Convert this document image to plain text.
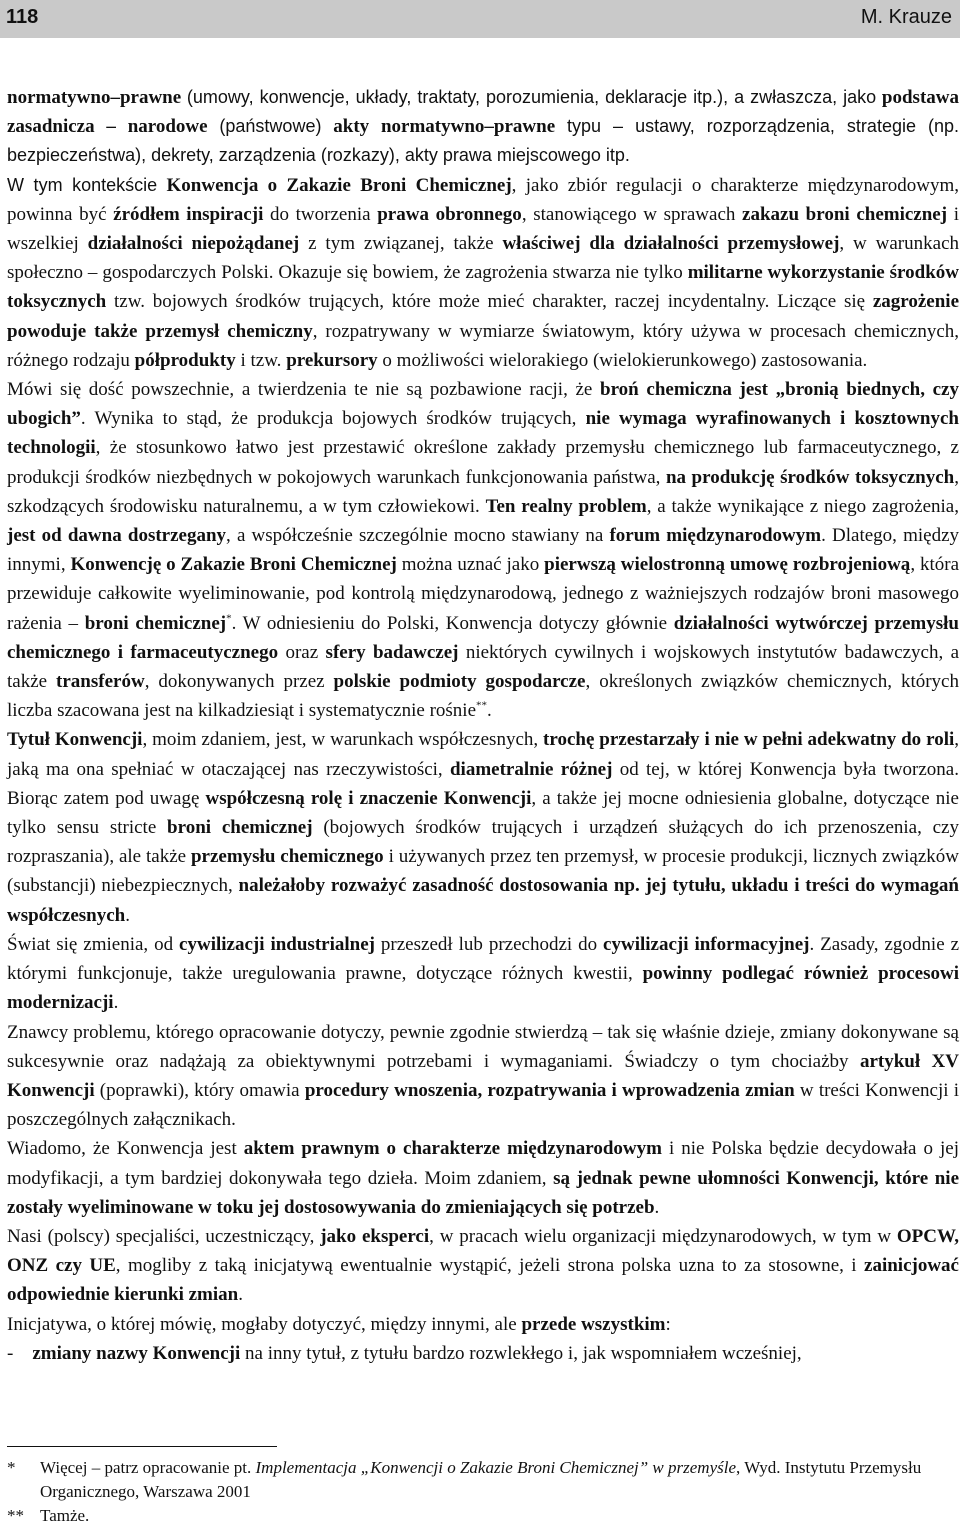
118	M. Krauze

normatywno–prawne (umowy, konwencje, układy, traktaty, porozumienia, deklaracje itp.), a zwłaszcza, jako podstawa zasadnicza – narodowe (państwowe) akty normatywno–prawne typu – ustawy, rozporządzenia, strategie (np. bezpieczeństwa), dekrety, zarządzenia (rozkazy), akty prawa miejscowego itp.

W tym kontekście Konwencja o Zakazie Broni Chemicznej, jako zbiór regulacji o charakterze międzynarodowym, powinna być źródłem inspiracji do tworzenia prawa obronnego, stanowiącego w sprawach zakazu broni chemicznej i wszelkiej działalności niepożądanej z tym związanej, także właściwej dla działalności przemysłowej, w warunkach społeczno – gospodarczych Polski. Okazuje się bowiem, że zagrożenia stwarza nie tylko militarne wykorzystanie środków toksycznych tzw. bojowych środków trujących, które może mieć charakter, raczej incydentalny. Liczące się zagrożenie powoduje także przemysł chemiczny, rozpatrywany w wymiarze światowym, który używa w procesach chemicznych, różnego rodzaju półprodukty i tzw. prekursory o możliwości wielorakiego (wielokierunkowego) zastosowania.

Mówi się dość powszechnie, a twierdzenia te nie są pozbawione racji, że broń chemiczna jest „bronią biednych, czy ubogich”. Wynika to stąd, że produkcja bojowych środków trujących, nie wymaga wyrafinowanych i kosztownych technologii, że stosunkowo łatwo jest przestawić określone zakłady przemysłu chemicznego lub farmaceutycznego, z produkcji środków niezbędnych w pokojowych warunkach funkcjonowania państwa, na produkcję środków toksycznych, szkodzących środowisku naturalnemu, a w tym człowiekowi. Ten realny problem, a także wynikające z niego zagrożenia, jest od dawna dostrzegany, a współcześnie szczególnie mocno stawiany na forum międzynarodowym. Dlatego, między innymi, Konwencję o Zakazie Broni Chemicznej można uznać jako pierwszą wielostronną umowę rozbrojeniową, która przewiduje całkowite wyeliminowanie, pod kontrolą międzynarodową, jednego z ważniejszych rodzajów broni masowego rażenia – broni chemicznej*. W odniesieniu do Polski, Konwencja dotyczy głównie działalności wytwórczej przemysłu chemicznego i farmaceutycznego oraz sfery badawczej niektórych cywilnych i wojskowych instytutów badawczych, a także transferów, dokonywanych przez polskie podmioty gospodarcze, określonych związków chemicznych, których liczba szacowana jest na kilkadziesiąt i systematycznie rośnie**.

Tytuł Konwencji, moim zdaniem, jest, w warunkach współczesnych, trochę przestarzały i nie w pełni adekwatny do roli, jaką ma ona spełniać w otaczającej nas rzeczywistości, diametralnie różnej od tej, w której Konwencja była tworzona. Biorąc zatem pod uwagę współczesną rolę i znaczenie Konwencji, a także jej mocne odniesienia globalne, dotyczące nie tylko sensu stricte broni chemicznej (bojowych środków trujących i urządzeń służących do ich przenoszenia, czy rozpraszania), ale także przemysłu chemicznego i używanych przez ten przemysł, w procesie produkcji, licznych związków (substancji) niebezpiecznych, należałoby rozważyć zasadność dostosowania np. jej tytułu, układu i treści do wymagań współczesnych.

Świat się zmienia, od cywilizacji industrialnej przeszedł lub przechodzi do cywilizacji informacyjnej. Zasady, zgodnie z którymi funkcjonuje, także uregulowania prawne, dotyczące różnych kwestii, powinny podlegać również procesowi modernizacji.

Znawcy problemu, którego opracowanie dotyczy, pewnie zgodnie stwierdzą – tak się właśnie dzieje, zmiany dokonywane są sukcesywnie oraz nadążają za obiektywnymi potrzebami i wymaganiami. Świadczy o tym chociażby artykuł XV Konwencji (poprawki), który omawia procedury wnoszenia, rozpatrywania i wprowadzenia zmian w treści Konwencji i poszczególnych załącznikach.

Wiadomo, że Konwencja jest aktem prawnym o charakterze międzynarodowym i nie Polska będzie decydowała o jej modyfikacji, a tym bardziej dokonywała tego dzieła. Moim zdaniem, są jednak pewne ułomności Konwencji, które nie zostały wyeliminowane w toku jej dostosowywania do zmieniających się potrzeb.

Nasi (polscy) specjaliści, uczestniczący, jako eksperci, w pracach wielu organizacji międzynarodowych, w tym w OPCW, ONZ czy UE, mogliby z taką inicjatywą ewentualnie wystąpić, jeżeli strona polska uzna to za stosowne, i zainicjować odpowiednie kierunki zmian.

Inicjatywa, o której mówię, mogłaby dotyczyć, między innymi, ale przede wszystkim:

-    zmiany nazwy Konwencji na inny tytuł, z tytułu bardzo rozwlekłego i, jak wspomniałem wcześniej,

*	Więcej – patrz opracowanie pt. Implementacja „Konwencji o Zakazie Broni Chemicznej” w przemyśle, Wyd. Instytutu Przemysłu Organicznego, Warszawa 2001
** Tamże.
